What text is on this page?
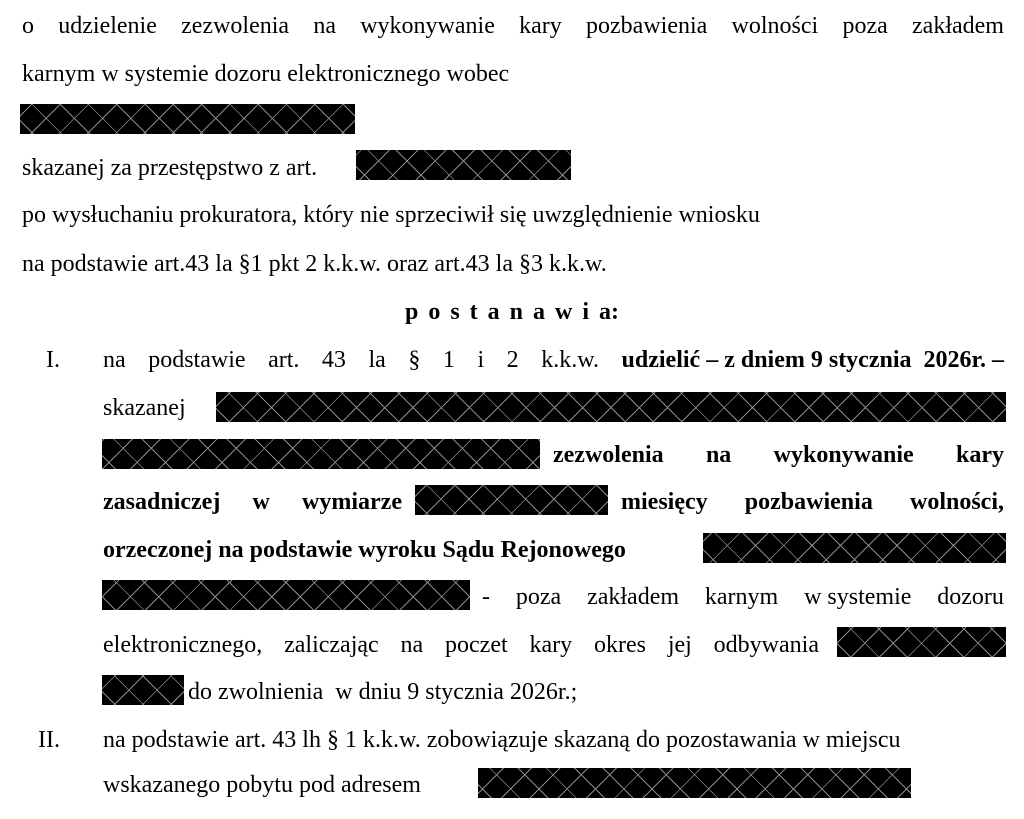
o udzielenie zezwolenia na wykonywanie kary pozbawienia wolności poza zakładem
karnym w systemie dozoru elektronicznego wobec
skazanej za przestępstwo z art.
po wysłuchaniu prokuratora, który nie sprzeciwił się uwzględnienie wniosku
na podstawie art.43 la §1 pkt 2 k.k.w. oraz art.43 la §3 k.k.w.
p o s t a n a w i a:
I. na podstawie art. 43 la § 1 i 2 k.k.w. udzielić – z dniem 9 stycznia  2026r. –
skazanej
zezwolenia na wykonywanie kary
zasadniczej w wymiarze	miesięcy pozbawienia wolności,
orzeczonej na podstawie wyroku Sądu Rejonowego
- poza zakładem karnym w systemie dozoru
elektronicznego, zaliczając na poczet kary okres jej odbywania
do zwolnienia  w dniu 9 stycznia 2026r.;
II. na podstawie art. 43 lh § 1 k.k.w. zobowiązuje skazaną do pozostawania w miejscu
wskazanego pobytu pod adresem
